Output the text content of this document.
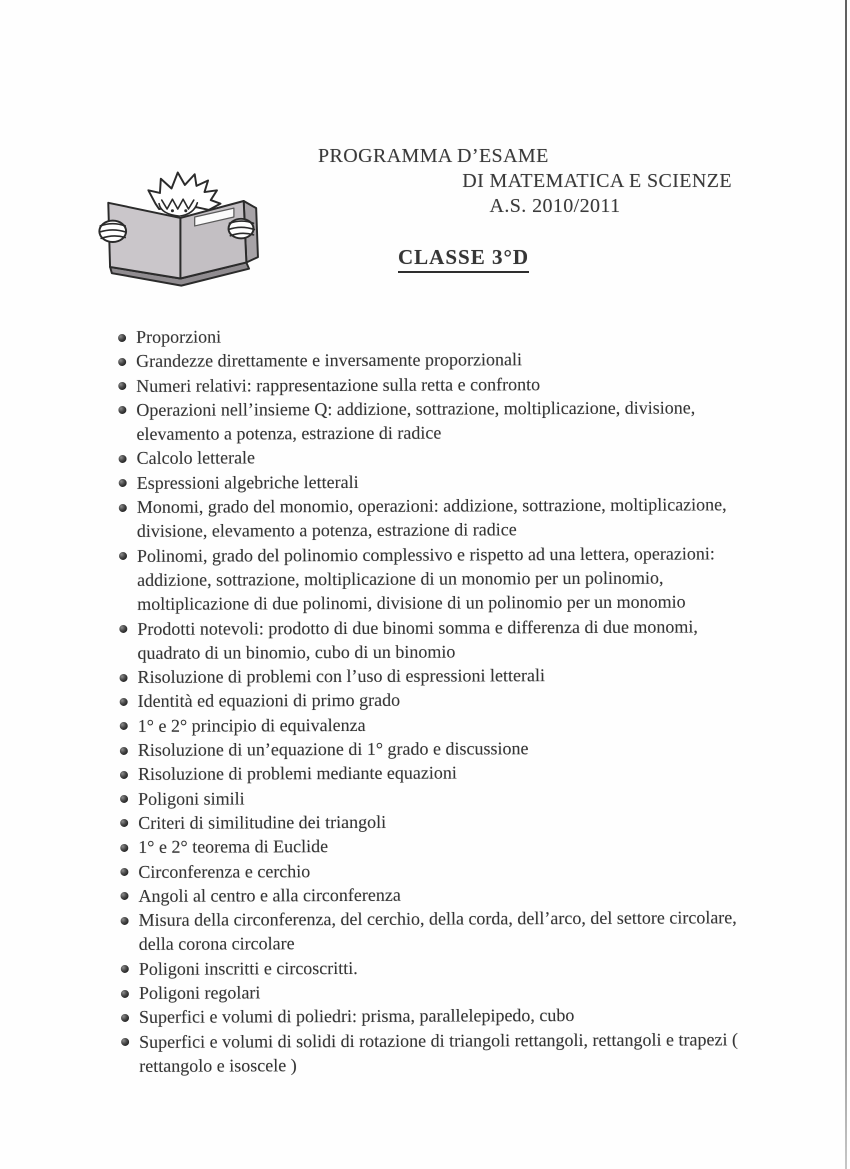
PROGRAMMA D’ESAME
DI MATEMATICA E SCIENZE
A.S. 2010/2011
CLASSE 3°D
Proporzioni
Grandezze direttamente e inversamente proporzionali
Numeri relativi: rappresentazione sulla retta e confronto
Operazioni nell’insieme Q: addizione, sottrazione, moltiplicazione, divisione, elevamento a potenza, estrazione di radice
Calcolo letterale
Espressioni algebriche letterali
Monomi, grado del monomio, operazioni: addizione, sottrazione, moltiplicazione, divisione, elevamento a potenza, estrazione di radice
Polinomi, grado del polinomio complessivo e rispetto ad una lettera, operazioni: addizione, sottrazione, moltiplicazione di un monomio per un polinomio, moltiplicazione di due polinomi, divisione di un polinomio per un monomio
Prodotti notevoli: prodotto di due binomi somma e differenza di due monomi, quadrato di un binomio, cubo di un binomio
Risoluzione di problemi con l’uso di espressioni letterali
Identità ed equazioni di primo grado
1° e 2° principio di equivalenza
Risoluzione di un’equazione di 1° grado e discussione
Risoluzione di problemi mediante equazioni
Poligoni simili
Criteri di similitudine dei triangoli
1° e 2° teorema di Euclide
Circonferenza e cerchio
Angoli al centro e alla circonferenza
Misura della circonferenza, del cerchio, della corda, dell’arco, del settore circolare, della corona circolare
Poligoni inscritti e circoscritti.
Poligoni regolari
Superfici e volumi di poliedri: prisma, parallelepipedo, cubo
Superfici e volumi di solidi di rotazione di triangoli rettangoli, rettangoli e trapezi ( rettangolo e isoscele )
